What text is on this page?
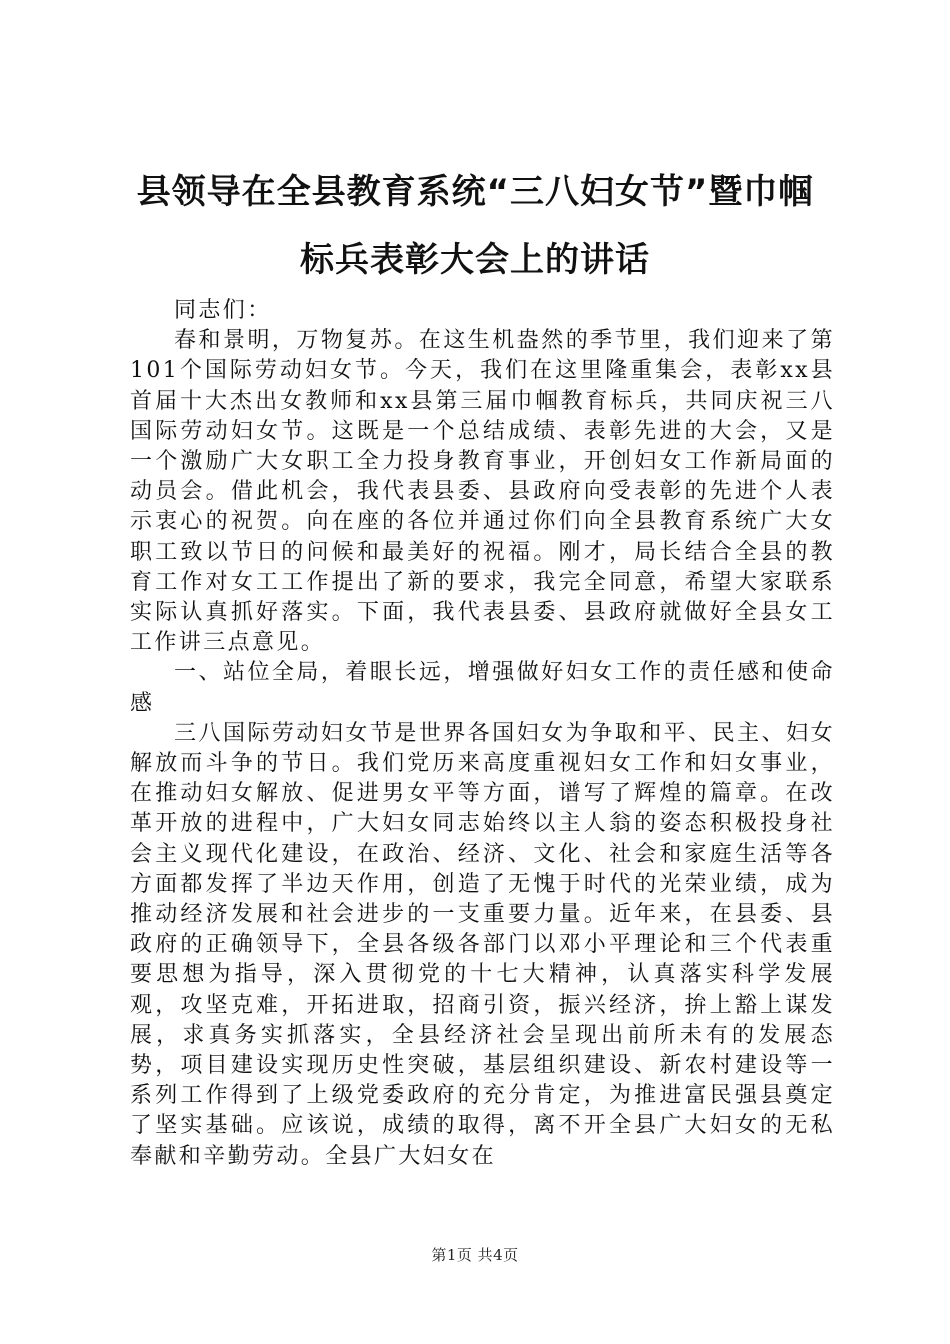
县领导在全县教育系统“三八妇女节”暨巾帼
标兵表彰大会上的讲话

同志们：

春和景明，万物复苏。在这生机盎然的季节里，我们迎来了第101个国际劳动妇女节。今天，我们在这里隆重集会，表彰xx县首届十大杰出女教师和xx县第三届巾帼教育标兵，共同庆祝三八国际劳动妇女节。这既是一个总结成绩、表彰先进的大会，又是一个激励广大女职工全力投身教育事业，开创妇女工作新局面的动员会。借此机会，我代表县委、县政府向受表彰的先进个人表示衷心的祝贺。向在座的各位并通过你们向全县教育系统广大女职工致以节日的问候和最美好的祝福。刚才，局长结合全县的教育工作对女工工作提出了新的要求，我完全同意，希望大家联系实际认真抓好落实。下面，我代表县委、县政府就做好全县女工工作讲三点意见。

一、站位全局，着眼长远，增强做好妇女工作的责任感和使命感

三八国际劳动妇女节是世界各国妇女为争取和平、民主、妇女解放而斗争的节日。我们党历来高度重视妇女工作和妇女事业，在推动妇女解放、促进男女平等方面，谱写了辉煌的篇章。在改革开放的进程中，广大妇女同志始终以主人翁的姿态积极投身社会主义现代化建设，在政治、经济、文化、社会和家庭生活等各方面都发挥了半边天作用，创造了无愧于时代的光荣业绩，成为推动经济发展和社会进步的一支重要力量。近年来，在县委、县政府的正确领导下，全县各级各部门以邓小平理论和三个代表重要思想为指导，深入贯彻党的十七大精神，认真落实科学发展观，攻坚克难，开拓进取，招商引资，振兴经济，拚上豁上谋发展，求真务实抓落实，全县经济社会呈现出前所未有的发展态势，项目建设实现历史性突破，基层组织建设、新农村建设等一系列工作得到了上级党委政府的充分肯定，为推进富民强县奠定了坚实基础。应该说，成绩的取得，离不开全县广大妇女的无私奉献和辛勤劳动。全县广大妇女在

第1页 共4页
